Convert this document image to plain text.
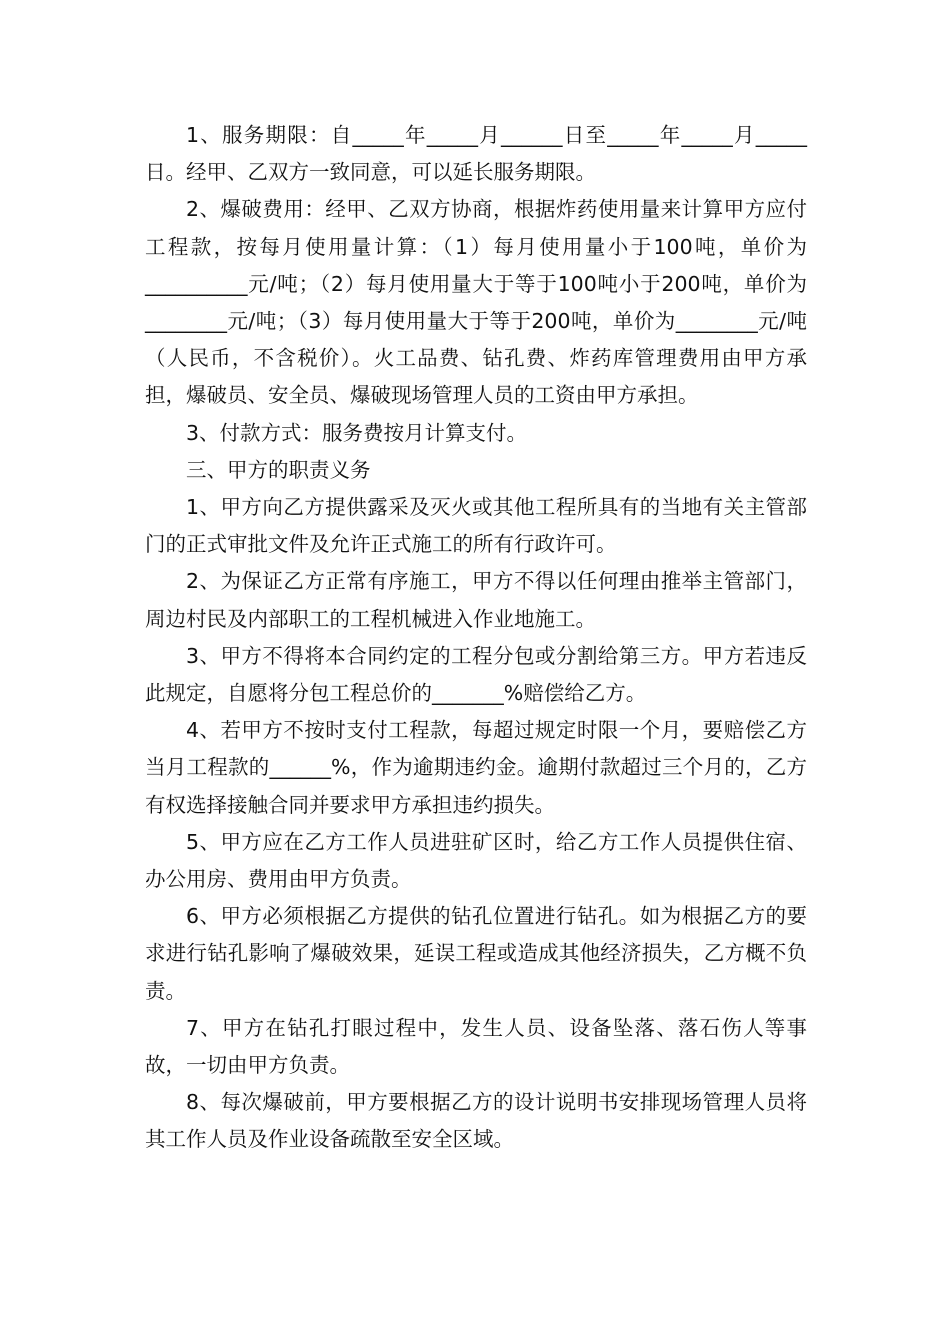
1、服务期限：自_____年_____月______日至_____年_____月_____日。经甲、乙双方一致同意，可以延长服务期限。

2、爆破费用：经甲、乙双方协商，根据炸药使用量来计算甲方应付工程款，按每月使用量计算：（1）每月使用量小于100吨，单价为__________元/吨；（2）每月使用量大于等于100吨小于200吨，单价为________元/吨；（3）每月使用量大于等于200吨，单价为________元/吨（人民币，不含税价）。火工品费、钻孔费、炸药库管理费用由甲方承担，爆破员、安全员、爆破现场管理人员的工资由甲方承担。

3、付款方式：服务费按月计算支付。

三、甲方的职责义务

1、甲方向乙方提供露采及灭火或其他工程所具有的当地有关主管部门的正式审批文件及允许正式施工的所有行政许可。

2、为保证乙方正常有序施工，甲方不得以任何理由推举主管部门，周边村民及内部职工的工程机械进入作业地施工。

3、甲方不得将本合同约定的工程分包或分割给第三方。甲方若违反此规定，自愿将分包工程总价的_______%赔偿给乙方。

4、若甲方不按时支付工程款，每超过规定时限一个月，要赔偿乙方当月工程款的______%，作为逾期违约金。逾期付款超过三个月的，乙方有权选择接触合同并要求甲方承担违约损失。

5、甲方应在乙方工作人员进驻矿区时，给乙方工作人员提供住宿、办公用房、费用由甲方负责。

6、甲方必须根据乙方提供的钻孔位置进行钻孔。如为根据乙方的要求进行钻孔影响了爆破效果，延误工程或造成其他经济损失，乙方概不负责。

7、甲方在钻孔打眼过程中，发生人员、设备坠落、落石伤人等事故，一切由甲方负责。

8、每次爆破前，甲方要根据乙方的设计说明书安排现场管理人员将其工作人员及作业设备疏散至安全区域。
